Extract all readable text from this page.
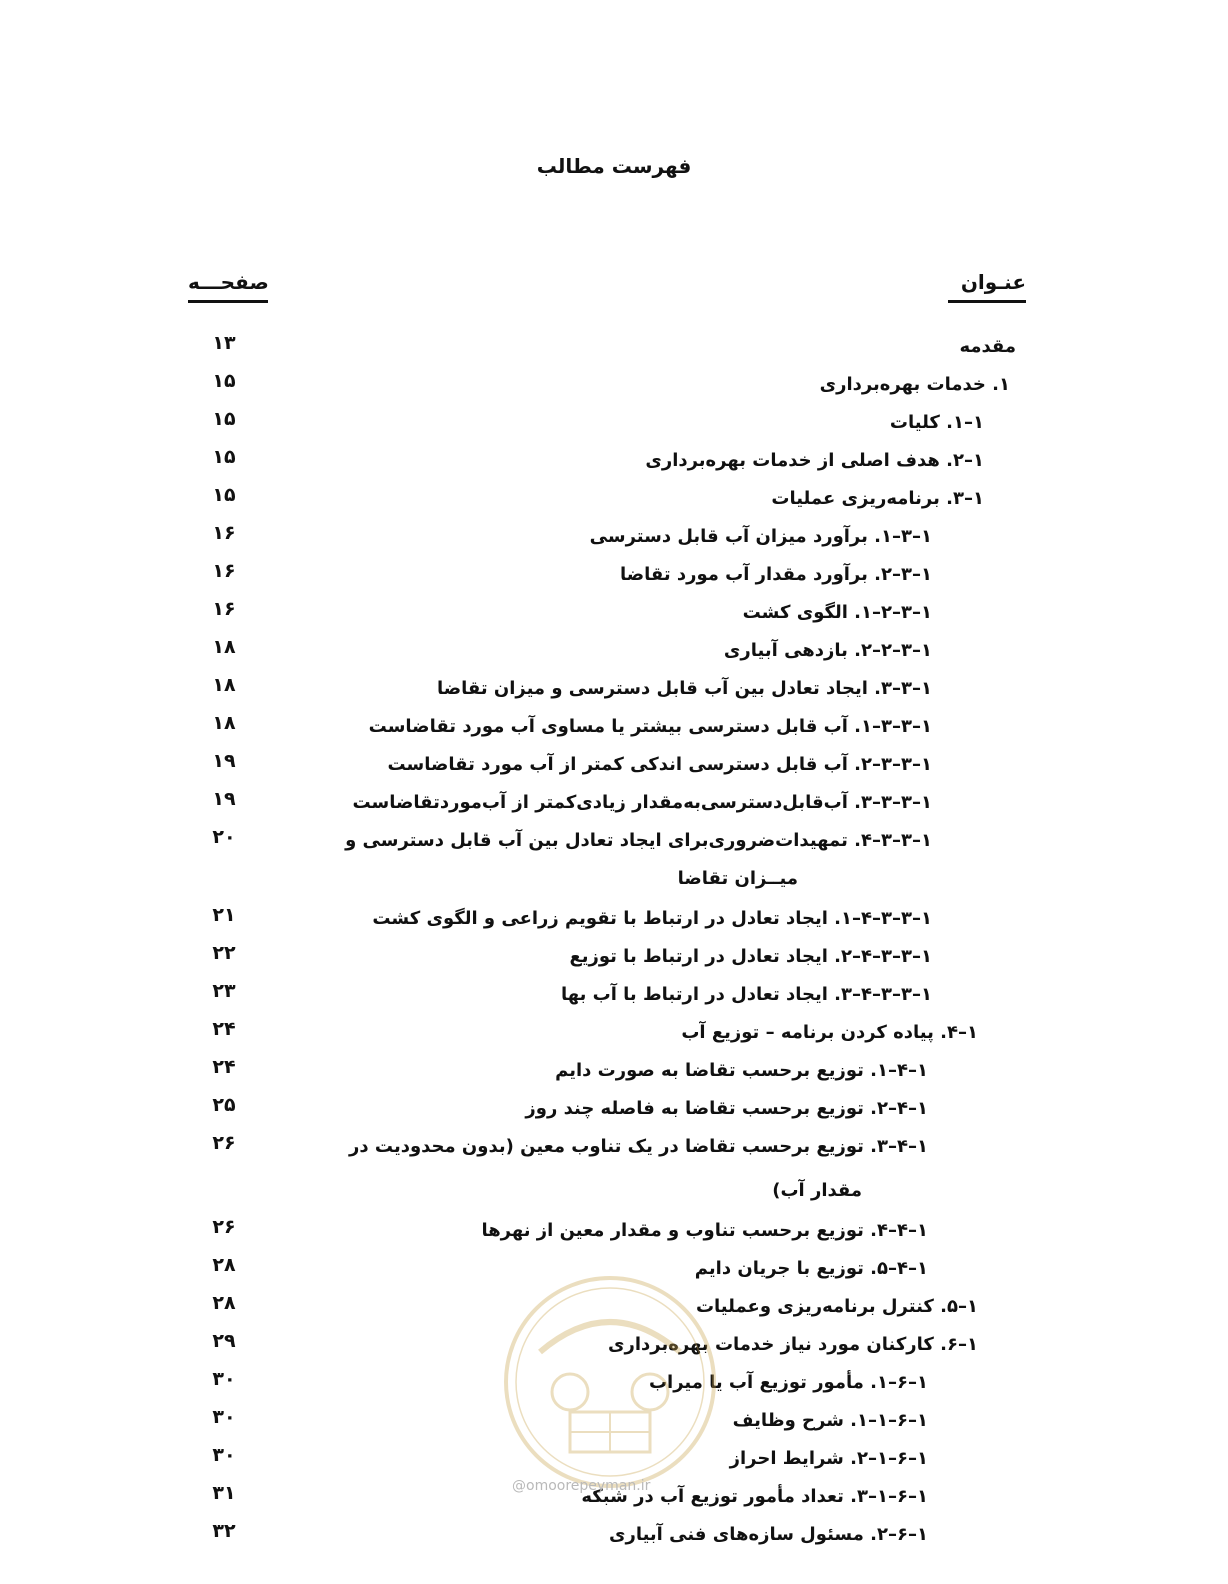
فهرست مطالب
عنـوان
صفحـــه
مقدمه
۱۳
۱. خدمات بهره‌برداری
۱۵
۱–۱. کلیات
۱۵
۱–۲. هدف اصلی از خدمات بهره‌برداری
۱۵
۱–۳. برنامه‌ریزی عملیات
۱۵
۱–۳–۱. برآورد میزان آب قابل دسترسی
۱۶
۱–۳–۲. برآورد مقدار آب مورد تقاضا
۱۶
۱–۳–۲–۱. الگوی کشت
۱۶
۱–۳–۲–۲. بازدهی آبیاری
۱۸
۱–۳–۳. ایجاد تعادل بین آب قابل دسترسی و میزان تقاضا
۱۸
۱–۳–۳–۱. آب قابل دسترسی بیشتر یا مساوی آب مورد تقاضاست
۱۸
۱–۳–۳–۲. آب قابل دسترسی اندکی کمتر از آب مورد تقاضاست
۱۹
۱–۳–۳–۳. آب‌قابل‌دسترسی‌به‌مقدار زیادی‌کمتر از آب‌موردتقاضاست
۱۹
۱–۳–۳–۴. تمهیدات‌ضروری‌برای ایجاد تعادل بین آب قابل دسترسی و
۲۰
میــزان تقاضا
۱–۳–۳–۴–۱. ایجاد تعادل در ارتباط با تقویم زراعی و الگوی کشت
۲۱
۱–۳–۳–۴–۲. ایجاد تعادل در ارتباط با توزیع
۲۲
۱–۳–۳–۴–۳. ایجاد تعادل در ارتباط با آب بها
۲۳
۱–۴. پیاده کردن برنامه – توزیع آب
۲۴
۱–۴–۱. توزیع برحسب تقاضا به صورت دایم
۲۴
۱–۴–۲. توزیع برحسب تقاضا به فاصله چند روز
۲۵
۱–۴–۳. توزیع برحسب تقاضا در یک تناوب معین (بدون محدودیت در
۲۶
مقدار آب)
۱–۴–۴. توزیع برحسب تناوب و مقدار معین از نهرها
۲۶
۱–۴–۵. توزیع با جریان دایم
۲۸
۱–۵. کنترل برنامه‌ریزی وعملیات
۲۸
۱–۶. کارکنان مورد نیاز خدمات بهره‌برداری
۲۹
۱–۶–۱. مأمور توزیع آب یا میراب
۳۰
۱–۶–۱–۱. شرح وظایف
۳۰
۱–۶–۱–۲. شرایط احراز
۳۰
۱–۶–۱–۳. تعداد مأمور توزیع آب در شبکه
۳۱
۱–۶–۲. مسئول سازه‌های فنی آبیاری
۳۲
@omoorepeyman.ir
